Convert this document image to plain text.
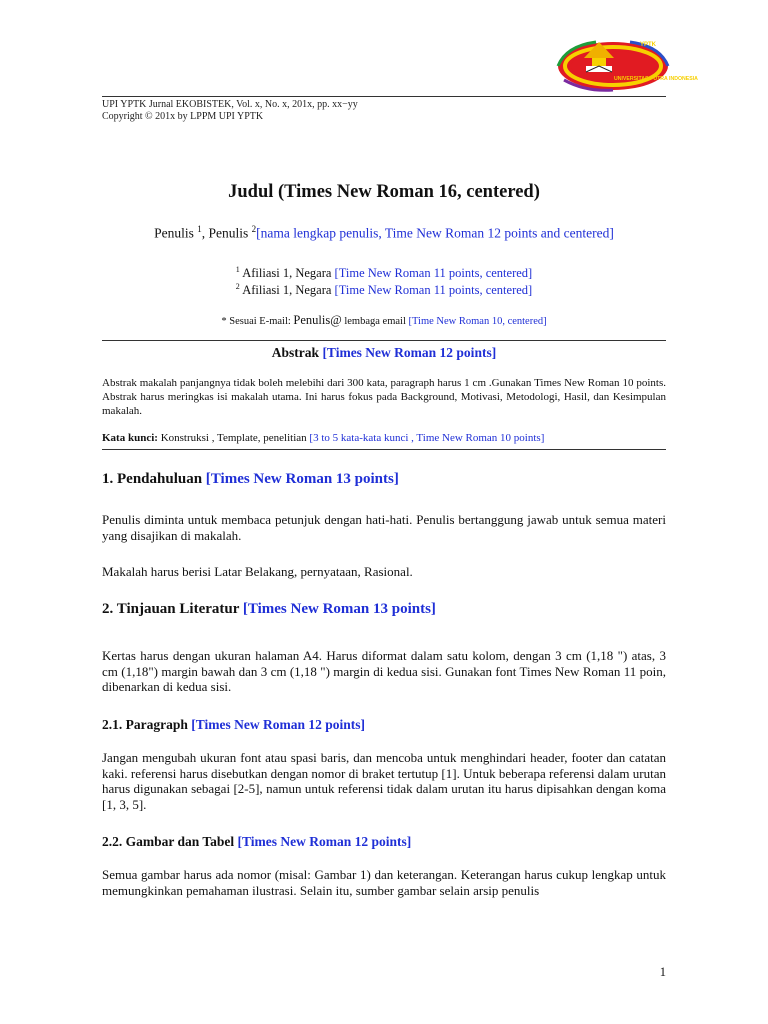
YPTK
UNIVERSITAS PUTRA INDONESIA
UPI YPTK Jurnal EKOBISTEK, Vol. x, No. x, 201x, pp. xx−yy
Copyright © 201x by LPPM UPI YPTK
Judul (Times New Roman 16, centered)
Penulis $^1$, Penulis $^2$[nama lengkap penulis, Time New Roman 12 points and centered]
$^1$ Afiliasi 1, Negara [Time New Roman 11 points, centered]
$^2$ Afiliasi 1, Negara [Time New Roman 11 points, centered]
* Sesuai E-mail: Penulis@ lembaga email [Time New Roman 10, centered]
Abstrak [Times New Roman 12 points]
Abstrak makalah panjangnya tidak boleh melebihi dari 300 kata, paragraph harus 1 cm .Gunakan Times New Roman 10 points. Abstrak harus meringkas isi makalah utama. Ini harus fokus pada Background, Motivasi, Metodologi, Hasil, dan Kesimpulan makalah.
Kata kunci: Konstruksi , Template, penelitian [3 to 5 kata-kata kunci , Time New Roman 10 points]
1. Pendahuluan [Times New Roman 13 points]
Penulis diminta untuk membaca petunjuk dengan hati-hati. Penulis bertanggung jawab untuk semua materi yang disajikan di makalah.
Makalah harus berisi Latar Belakang, pernyataan, Rasional.
2. Tinjauan Literatur [Times New Roman 13 points]
Kertas harus dengan ukuran halaman A4. Harus diformat dalam satu kolom, dengan 3 cm (1,18 ") atas, 3 cm (1,18") margin bawah dan 3 cm (1,18 ") margin di kedua sisi. Gunakan font Times New Roman 11 poin, dibenarkan di kedua sisi.
2.1. Paragraph [Times New Roman 12 points]
Jangan mengubah ukuran font atau spasi baris, dan mencoba untuk menghindari header, footer dan catatan kaki. referensi harus disebutkan dengan nomor di braket tertutup [1]. Untuk beberapa referensi dalam urutan harus digunakan sebagai [2-5], namun untuk referensi tidak dalam urutan itu harus dipisahkan dengan koma [1, 3, 5].
2.2. Gambar dan Tabel [Times New Roman 12 points]
Semua gambar harus ada nomor (misal: Gambar 1) dan keterangan. Keterangan harus cukup lengkap untuk memungkinkan pemahaman ilustrasi. Selain itu, sumber gambar selain arsip penulis
1
